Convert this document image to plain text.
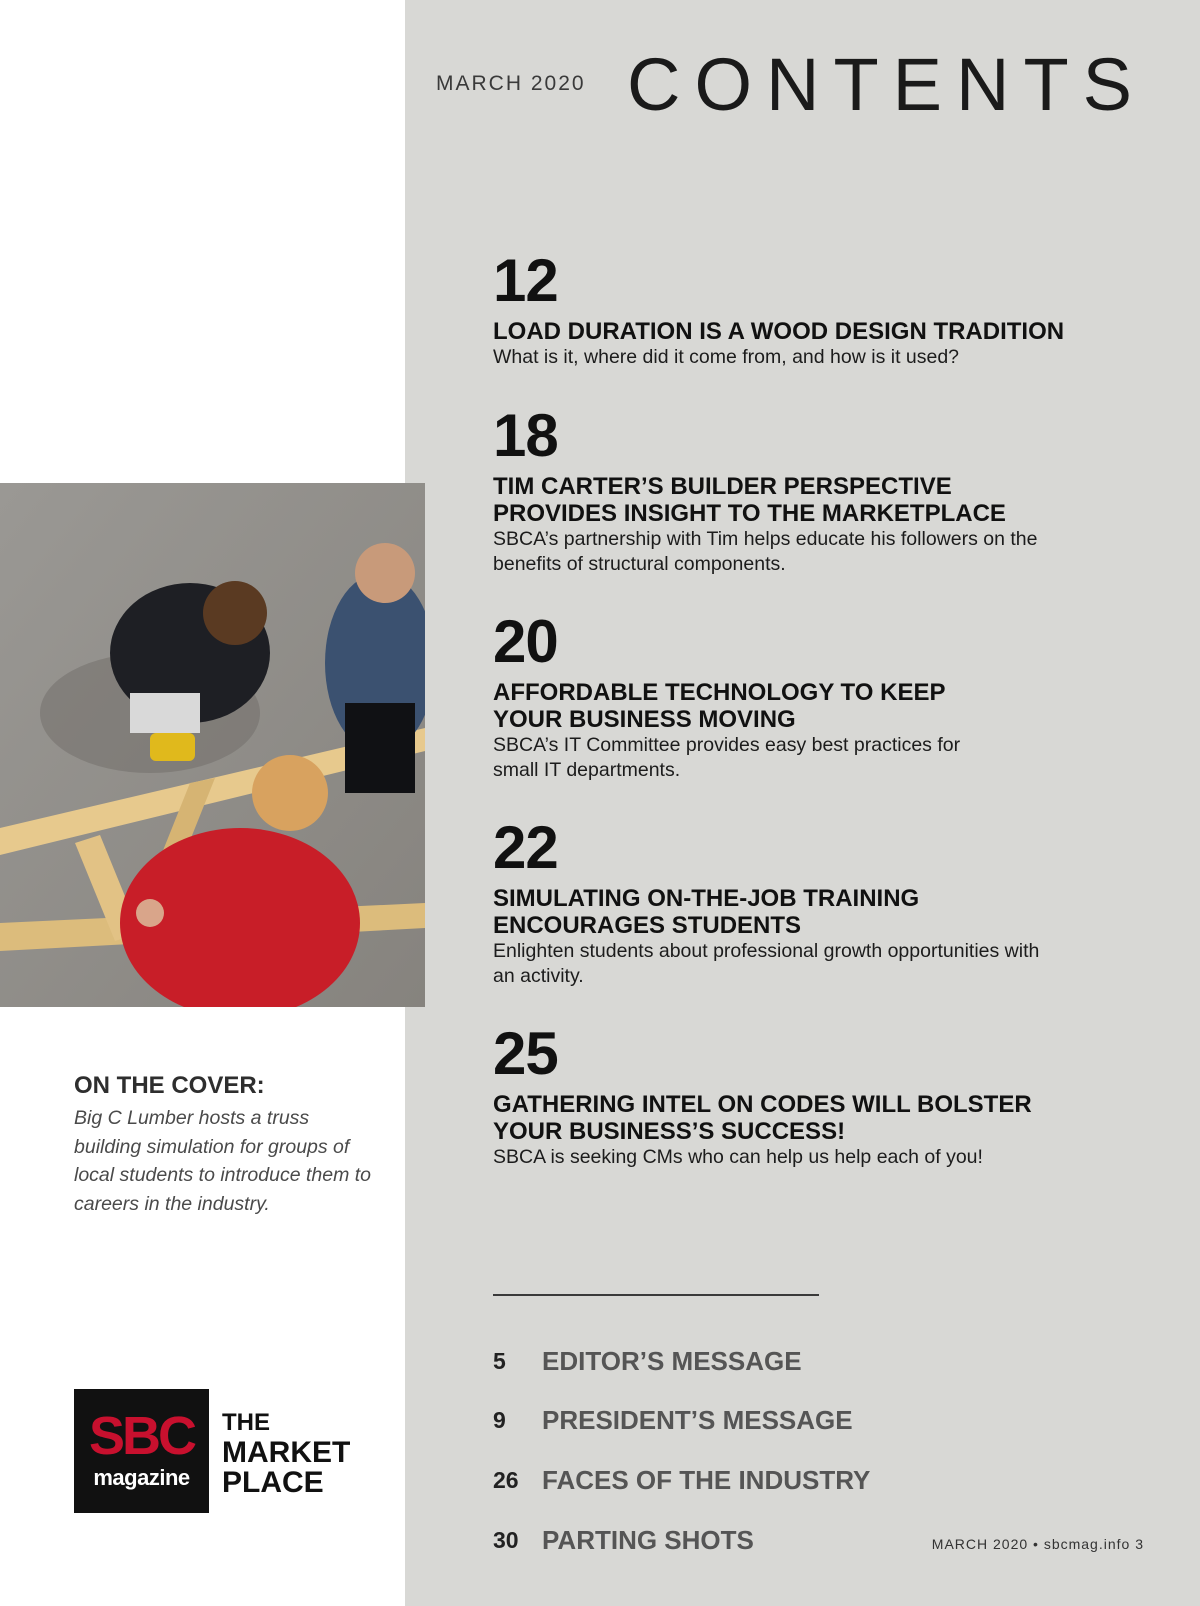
MARCH 2020 CONTENTS
12
LOAD DURATION IS A WOOD DESIGN TRADITION
What is it, where did it come from, and how is it used?
18
TIM CARTER’S BUILDER PERSPECTIVE PROVIDES INSIGHT TO THE MARKETPLACE
SBCA’s partnership with Tim helps educate his followers on the benefits of structural components.
20
AFFORDABLE TECHNOLOGY TO KEEP YOUR BUSINESS MOVING
SBCA’s IT Committee provides easy best practices for small IT departments.
22
SIMULATING ON-THE-JOB TRAINING ENCOURAGES STUDENTS
Enlighten students about professional growth opportunities with an activity.
25
GATHERING INTEL ON CODES WILL BOLSTER YOUR BUSINESS’S SUCCESS!
SBCA is seeking CMs who can help us help each of you!
ON THE COVER:
Big C Lumber hosts a truss building simulation for groups of local students to introduce them to careers in the industry.
5	EDITOR’S MESSAGE
9	PRESIDENT’S MESSAGE
26 FACES OF THE INDUSTRY
30 PARTING SHOTS
SBC
magazine
THE
MARKET
PLACE
MARCH 2020 • sbcmag.info 3
